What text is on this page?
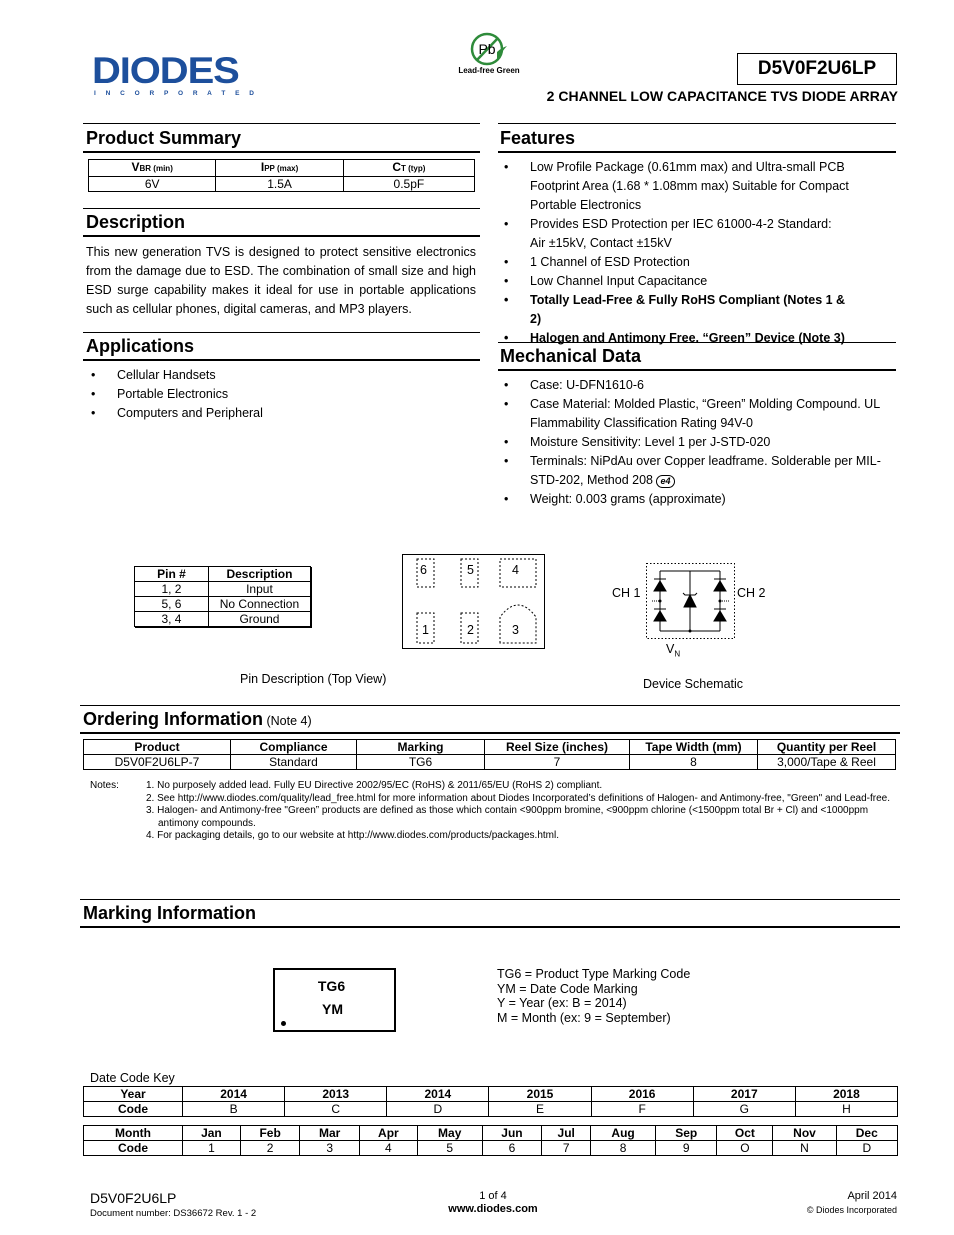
DIODES
I N C O R P O R A T E D
Pb
Lead-free Green	D5V0F2U6LP
2 CHANNEL LOW CAPACITANCE TVS DIODE ARRAY
Product Summary
VBR (min)	IPP (max)	CT (typ)
6V	1.5A	0.5pF
Description
This new generation TVS is designed to protect sensitive electronics from the damage due to ESD. The combination of small size and high ESD surge capability makes it ideal for use in portable applications such as cellular phones, digital cameras, and MP3 players.
Applications
• Cellular Handsets
• Portable Electronics
• Computers and Peripheral
Features
• Low Profile Package (0.61mm max) and Ultra-small PCB Footprint Area (1.68 * 1.08mm max) Suitable for Compact Portable Electronics
• Provides ESD Protection per IEC 61000-4-2 Standard:
Air ±15kV, Contact ±15kV
• 1 Channel of ESD Protection
• Low Channel Input Capacitance
• Totally Lead-Free & Fully RoHS Compliant (Notes 1 & 2)
• Halogen and Antimony Free. “Green” Device (Note 3)
Mechanical Data
• Case: U-DFN1610-6
• Case Material: Molded Plastic, “Green” Molding Compound. UL Flammability Classification Rating 94V-0
• Moisture Sensitivity: Level 1 per J-STD-020
• Terminals: NiPdAu over Copper leadframe. Solderable per MIL-STD-202, Method 208 e4
• Weight: 0.003 grams (approximate)
Pin #	Description
1, 2	Input
5, 6	No Connection
3, 4	Ground
6	5	4
1	2	3
Pin Description (Top View)
CH 1	CH 2
$V_N$
Device Schematic
Ordering Information (Note 4)
Product	Compliance	Marking	Reel Size (inches)	Tape Width (mm)	Quantity per Reel
D5V0F2U6LP-7	Standard	TG6	7	8	3,000/Tape & Reel
Notes:	1. No purposely added lead. Fully EU Directive 2002/95/EC (RoHS) & 2011/65/EU (RoHS 2) compliant.
2. See http://www.diodes.com/quality/lead_free.html for more information about Diodes Incorporated’s definitions of Halogen- and Antimony-free, "Green" and Lead-free.
3. Halogen- and Antimony-free "Green” products are defined as those which contain <900ppm bromine, <900ppm chlorine (<1500ppm total Br + Cl) and <1000ppm antimony compounds.
4. For packaging details, go to our website at http://www.diodes.com/products/packages.html.
Marking Information
TG6
YM
TG6 = Product Type Marking Code
YM = Date Code Marking
Y = Year (ex: B = 2014)
M = Month (ex: 9 = September)
Date Code Key
Year	2014	2013	2014	2015	2016	2017	2018
Code	B	C	D	E	F	G	H
Month	Jan	Feb	Mar	Apr	May	Jun	Jul	Aug	Sep	Oct	Nov	Dec
Code	1	2	3	4	5	6	7	8	9	O	N	D
D5V0F2U6LP
Document number: DS36672 Rev. 1 - 2
1 of 4
www.diodes.com
April 2014
© Diodes Incorporated
